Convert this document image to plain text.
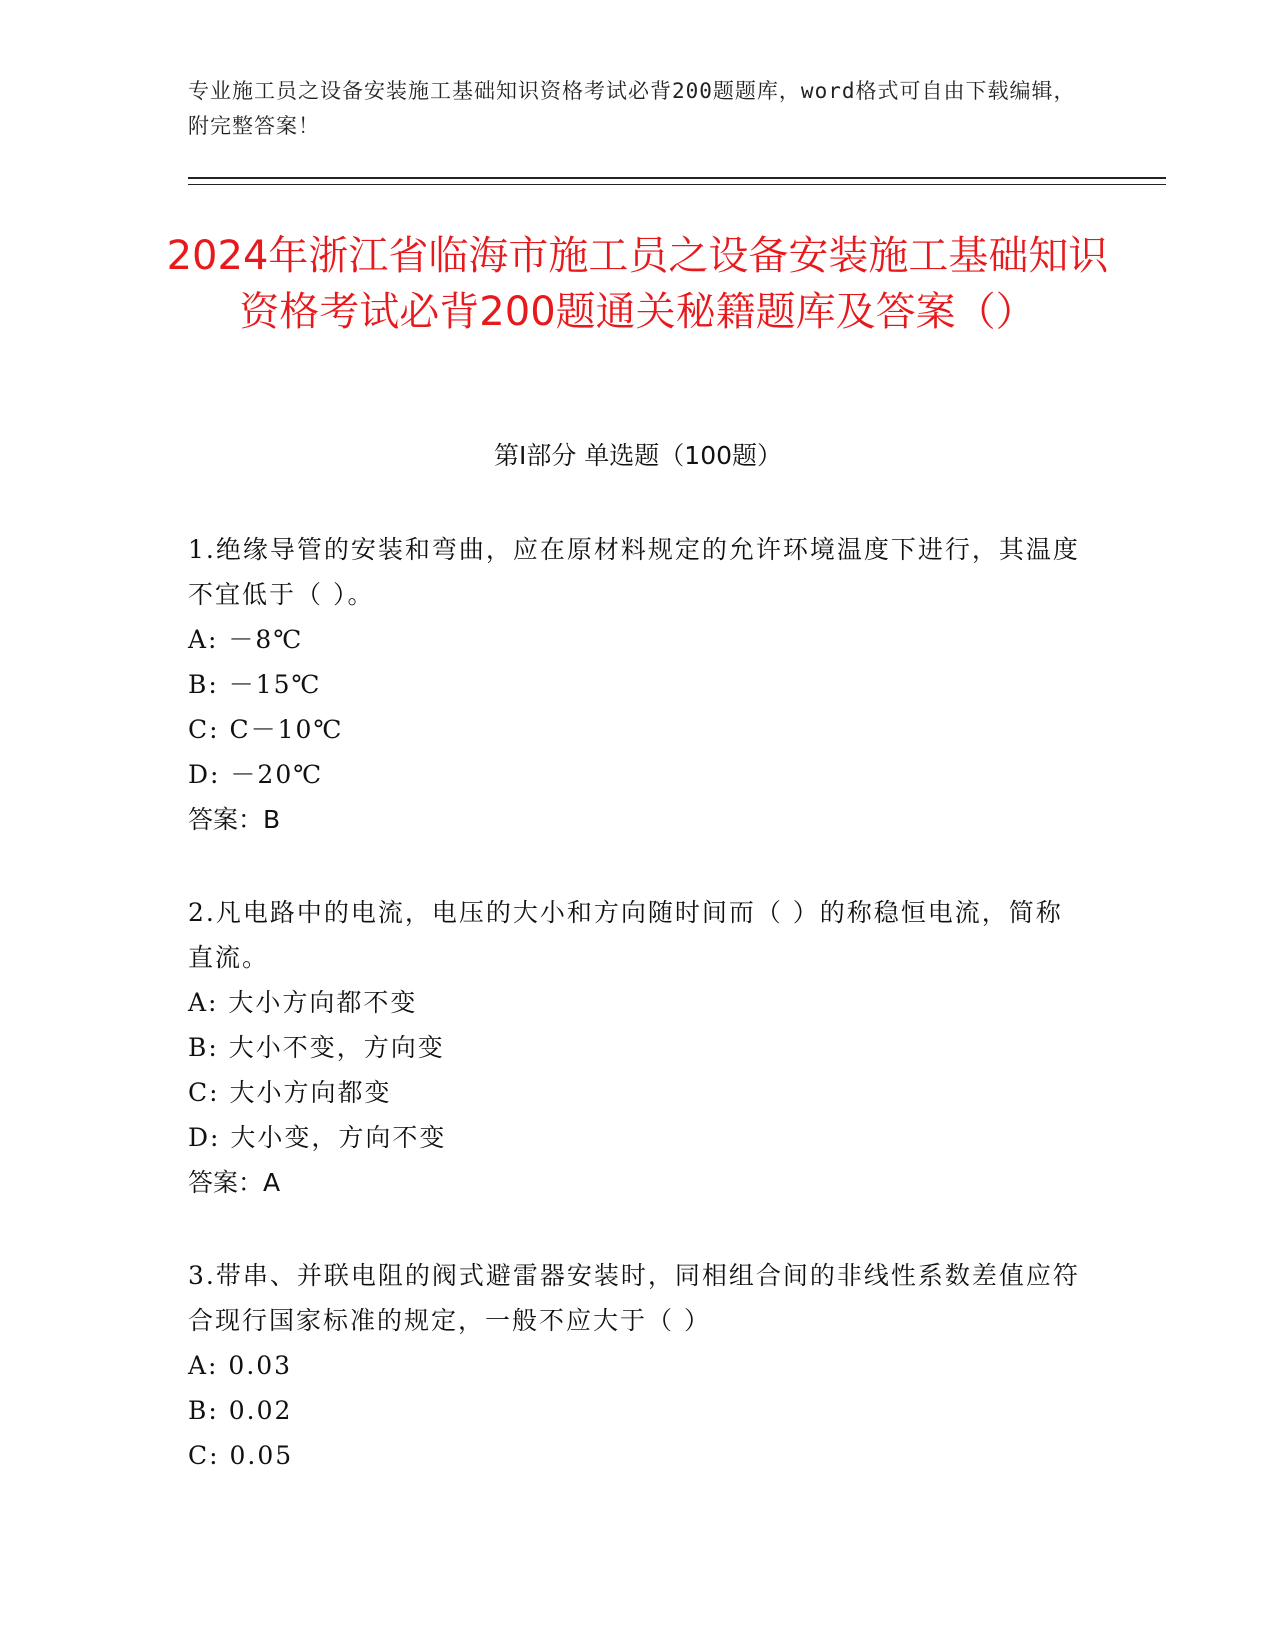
专业施工员之设备安装施工基础知识资格考试必背200题题库，word格式可自由下载编辑，附完整答案！
2024年浙江省临海市施工员之设备安装施工基础知识资格考试必背200题通关秘籍题库及答案（）
第I部分 单选题（100题）
1.绝缘导管的安装和弯曲，应在原材料规定的允许环境温度下进行，其温度不宜低于（ ）。
A: －8℃
B: －15℃
C: C－10℃
D: －20℃
答案：B
2.凡电路中的电流，电压的大小和方向随时间而（ ）的称稳恒电流，简称直流。
A: 大小方向都不变
B: 大小不变，方向变
C: 大小方向都变
D: 大小变，方向不变
答案：A
3.带串、并联电阻的阀式避雷器安装时，同相组合间的非线性系数差值应符合现行国家标准的规定，一般不应大于（ ）
A: 0.03
B: 0.02
C: 0.05
